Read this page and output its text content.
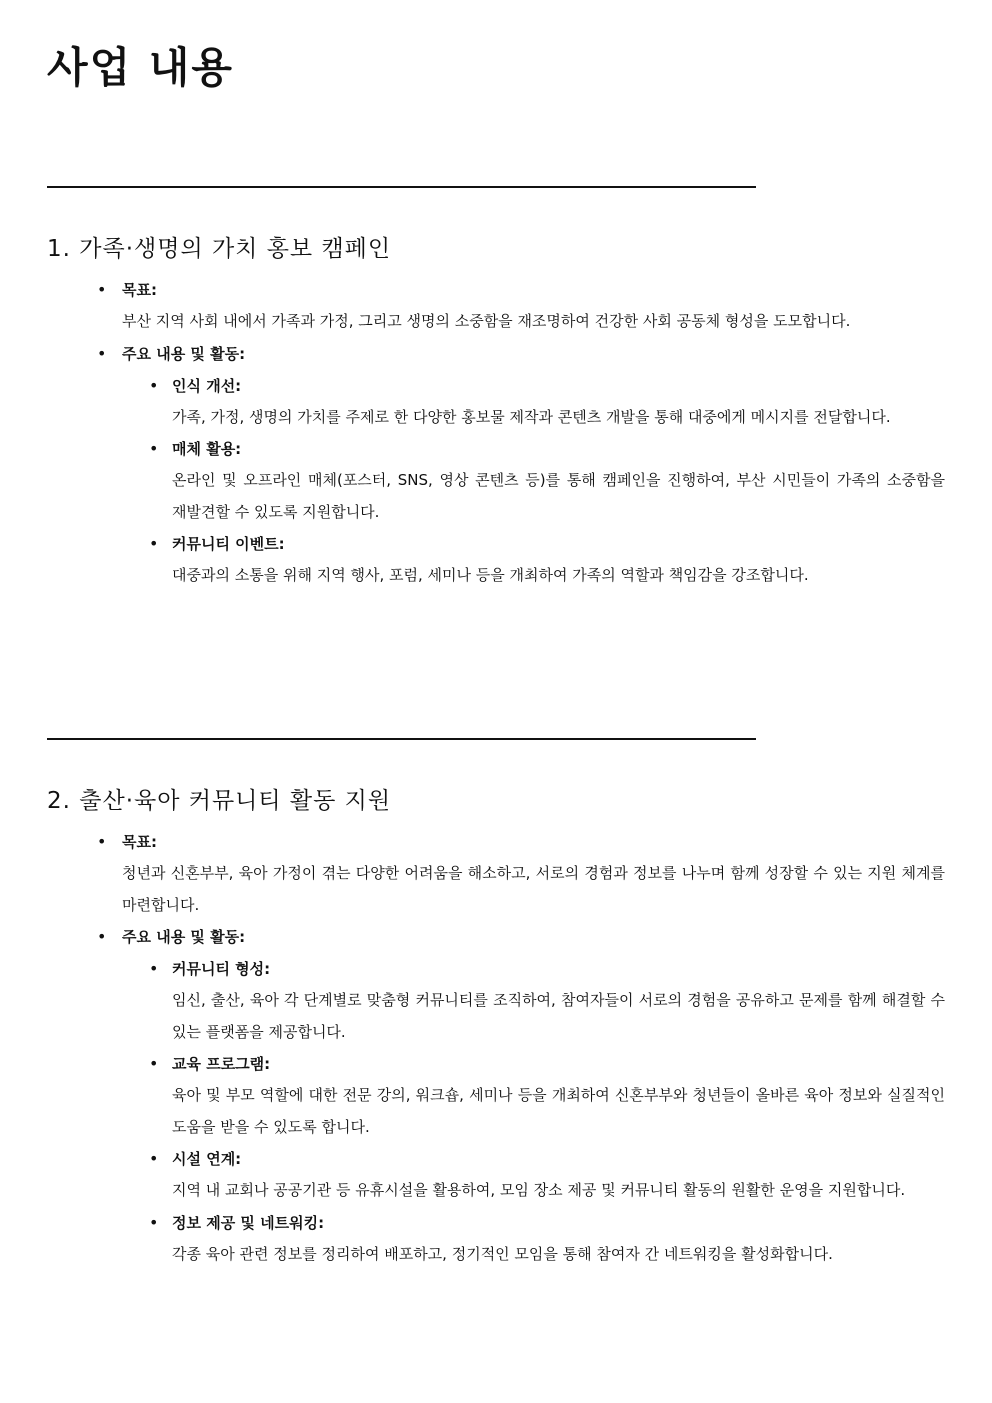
사업 내용
1. 가족·생명의 가치 홍보 캠페인
• 목표:
부산 지역 사회 내에서 가족과 가정, 그리고 생명의 소중함을 재조명하여 건강한 사회 공동체 형성을 도모합니다.
• 주요 내용 및 활동:
• 인식 개선:
가족, 가정, 생명의 가치를 주제로 한 다양한 홍보물 제작과 콘텐츠 개발을 통해 대중에게 메시지를 전달합니다.
• 매체 활용:
온라인 및 오프라인 매체(포스터, SNS, 영상 콘텐츠 등)를 통해 캠페인을 진행하여, 부산 시민들이 가족의 소중함을 재발견할 수 있도록 지원합니다.
• 커뮤니티 이벤트:
대중과의 소통을 위해 지역 행사, 포럼, 세미나 등을 개최하여 가족의 역할과 책임감을 강조합니다.
2. 출산·육아 커뮤니티 활동 지원
• 목표:
청년과 신혼부부, 육아 가정이 겪는 다양한 어려움을 해소하고, 서로의 경험과 정보를 나누며 함께 성장할 수 있는 지원 체계를 마련합니다.
• 주요 내용 및 활동:
• 커뮤니티 형성:
임신, 출산, 육아 각 단계별로 맞춤형 커뮤니티를 조직하여, 참여자들이 서로의 경험을 공유하고 문제를 함께 해결할 수 있는 플랫폼을 제공합니다.
• 교육 프로그램:
육아 및 부모 역할에 대한 전문 강의, 워크숍, 세미나 등을 개최하여 신혼부부와 청년들이 올바른 육아 정보와 실질적인 도움을 받을 수 있도록 합니다.
• 시설 연계:
지역 내 교회나 공공기관 등 유휴시설을 활용하여, 모임 장소 제공 및 커뮤니티 활동의 원활한 운영을 지원합니다.
• 정보 제공 및 네트워킹:
각종 육아 관련 정보를 정리하여 배포하고, 정기적인 모임을 통해 참여자 간 네트워킹을 활성화합니다.
